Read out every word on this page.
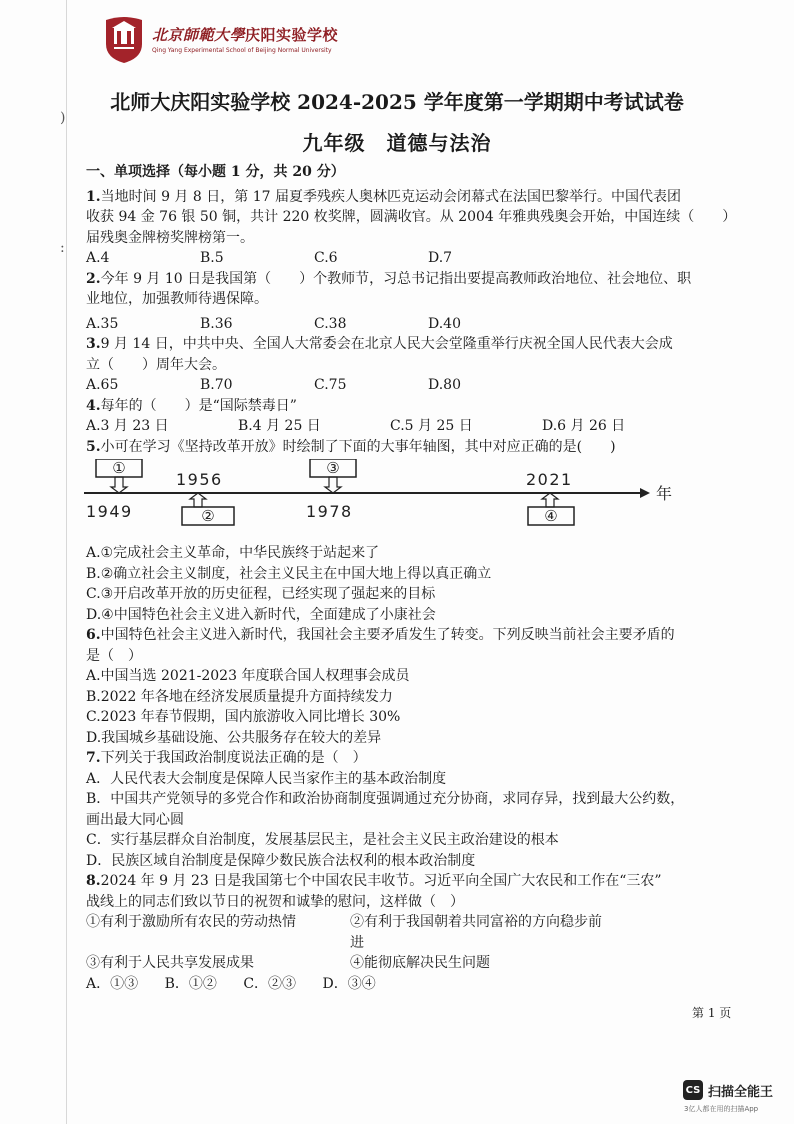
)
:
北京師範大學庆阳实验学校
Qing Yang Experimental School of Beijing Normal University
北师大庆阳实验学校 2024-2025 学年度第一学期期中考试试卷
九年级　道德与法治
一、单项选择（每小题 1 分，共 20 分）
1.当地时间 9 月 8 日，第 17 届夏季残疾人奥林匹克运动会闭幕式在法国巴黎举行。中国代表团
收获 94 金 76 银 50 铜，共计 220 枚奖牌，圆满收官。从 2004 年雅典残奥会开始，中国连续（　　）
届残奥金牌榜奖牌榜第一。
A.4	B.5	C.6	D.7
2.今年 9 月 10 日是我国第（　　）个教师节，习总书记指出要提高教师政治地位、社会地位、职
业地位，加强教师待遇保障。
A.35	B.36	C.38	D.40
3.9 月 14 日，中共中央、全国人大常委会在北京人民大会堂隆重举行庆祝全国人民代表大会成
立（　　）周年大会。
A.65	B.70	C.75	D.80
4.每年的（　　）是“国际禁毒日”
A.3 月 23 日	B.4 月 25 日	C.5 月 25 日	D.6 月 26 日
5.小可在学习《坚持改革开放》时绘制了下面的大事年轴图，其中对应正确的是(　　)
年
①
1949
1956
②
③
1978
2021
④
A.①完成社会主义革命，中华民族终于站起来了
B.②确立社会主义制度，社会主义民主在中国大地上得以真正确立
C.③开启改革开放的历史征程，已经实现了强起来的目标
D.④中国特色社会主义进入新时代，全面建成了小康社会
6.中国特色社会主义进入新时代，我国社会主要矛盾发生了转变。下列反映当前社会主要矛盾的
是（　）
A.中国当选 2021-2023 年度联合国人权理事会成员
B.2022 年各地在经济发展质量提升方面持续发力
C.2023 年春节假期，国内旅游收入同比增长 30%
D.我国城乡基础设施、公共服务存在较大的差异
7.下列关于我国政治制度说法正确的是（　）
A．人民代表大会制度是保障人民当家作主的基本政治制度
B．中国共产党领导的多党合作和政治协商制度强调通过充分协商，求同存异，找到最大公约数，
画出最大同心圆
C．实行基层群众自治制度，发展基层民主，是社会主义民主政治建设的根本
D．民族区域自治制度是保障少数民族合法权利的根本政治制度
8.2024 年 9 月 23 日是我国第七个中国农民丰收节。习近平向全国广大农民和工作在“三农”
战线上的同志们致以节日的祝贺和诚挚的慰问，这样做（　）
①有利于激励所有农民的劳动热情	②有利于我国朝着共同富裕的方向稳步前进
③有利于人民共享发展成果	④能彻底解决民生问题
A．①③ B．①② C．②③ D．③④
第 1 页
CS 扫描全能王
3亿人都在用的扫描App
